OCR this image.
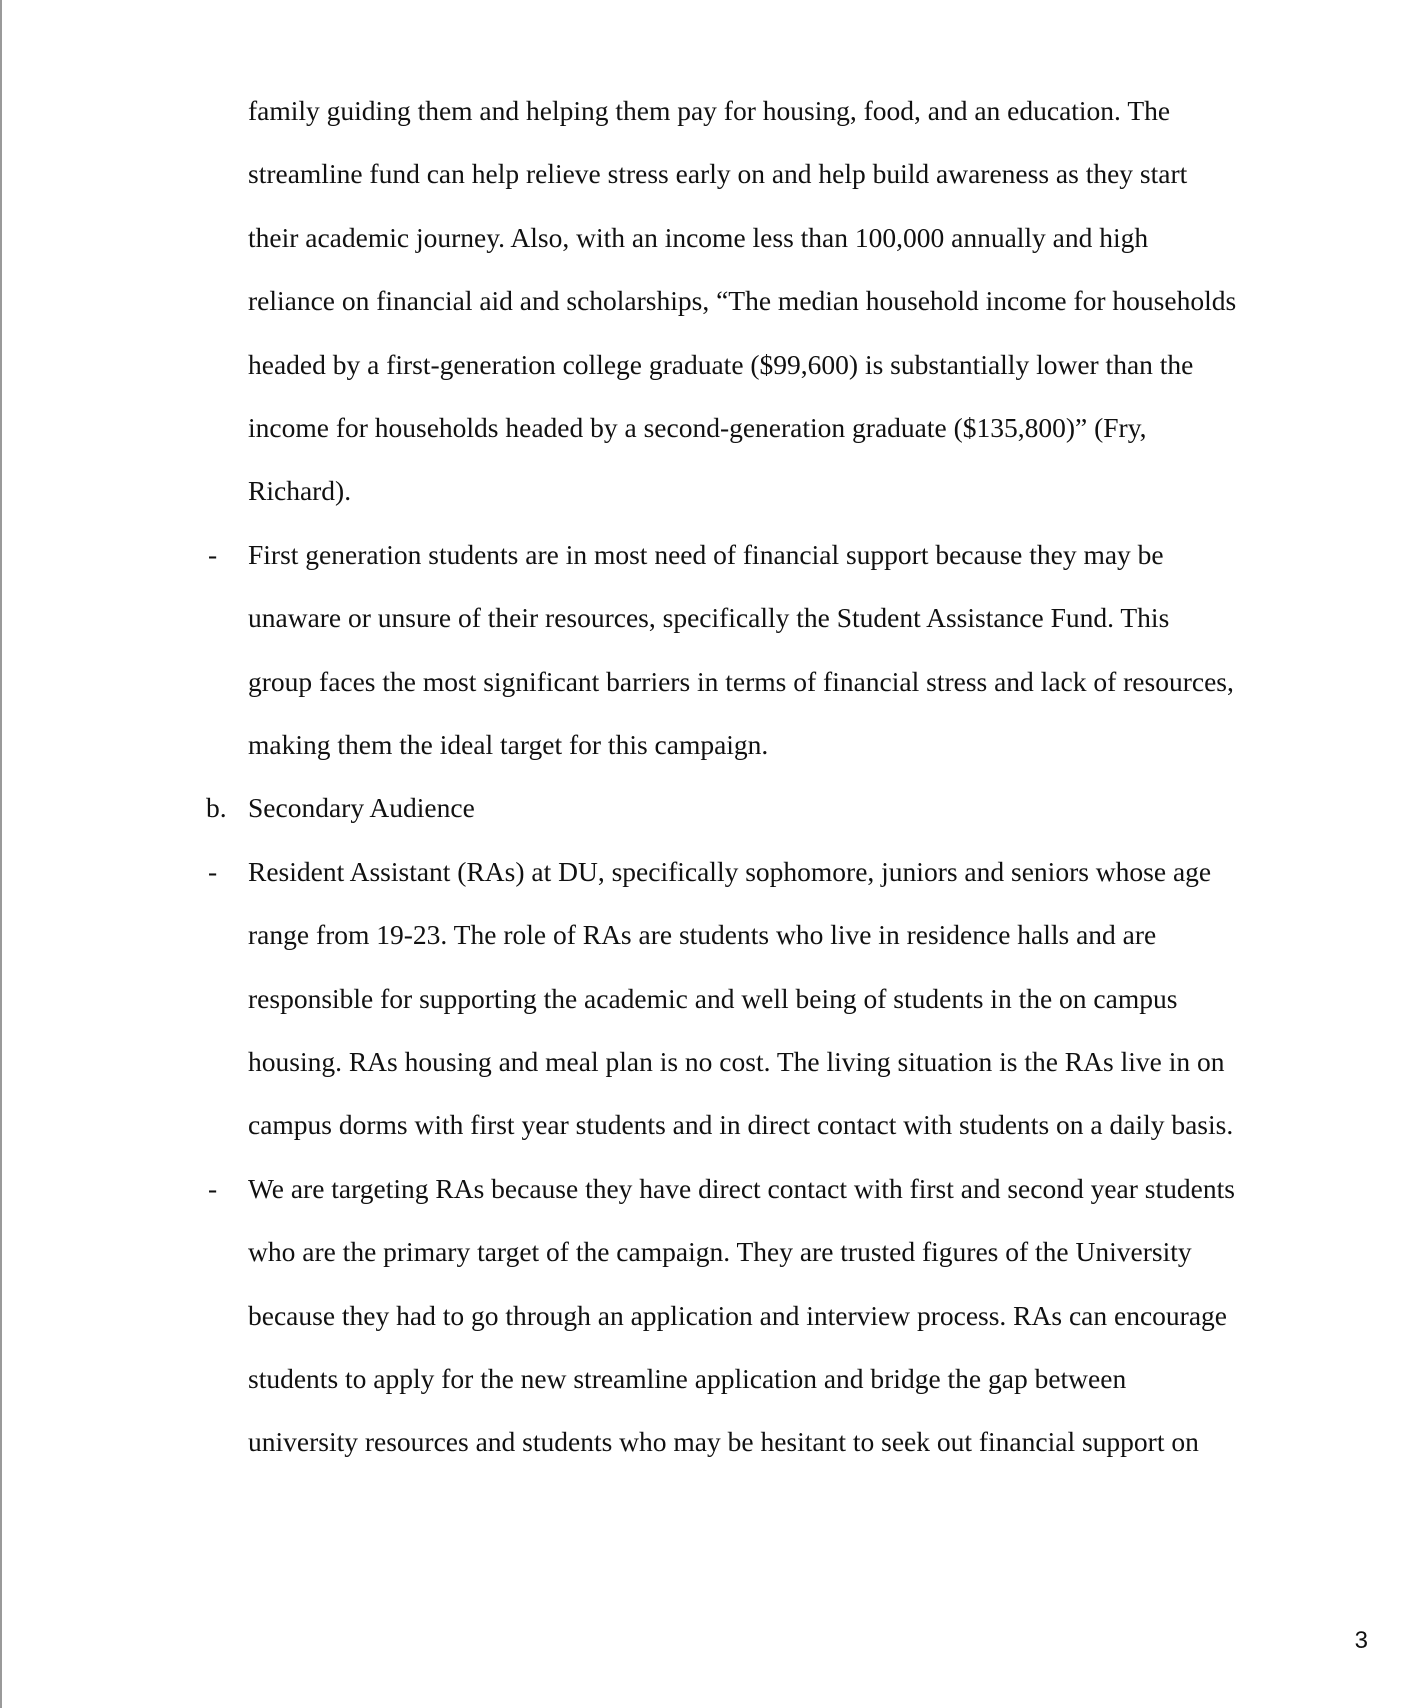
family guiding them and helping them pay for housing, food, and an education. The
streamline fund can help relieve stress early on and help build awareness as they start
their academic journey. Also, with an income less than 100,000 annually and high
reliance on financial aid and scholarships, “The median household income for households
headed by a first-generation college graduate ($99,600) is substantially lower than the
income for households headed by a second-generation graduate ($135,800)” (Fry,
Richard).
- First generation students are in most need of financial support because they may be
unaware or unsure of their resources, specifically the Student Assistance Fund. This
group faces the most significant barriers in terms of financial stress and lack of resources,
making them the ideal target for this campaign.
b. Secondary Audience
- Resident Assistant (RAs) at DU, specifically sophomore, juniors and seniors whose age
range from 19-23. The role of RAs are students who live in residence halls and are
responsible for supporting the academic and well being of students in the on campus
housing. RAs housing and meal plan is no cost. The living situation is the RAs live in on
campus dorms with first year students and in direct contact with students on a daily basis.
- We are targeting RAs because they have direct contact with first and second year students
who are the primary target of the campaign. They are trusted figures of the University
because they had to go through an application and interview process. RAs can encourage
students to apply for the new streamline application and bridge the gap between
university resources and students who may be hesitant to seek out financial support on
3
